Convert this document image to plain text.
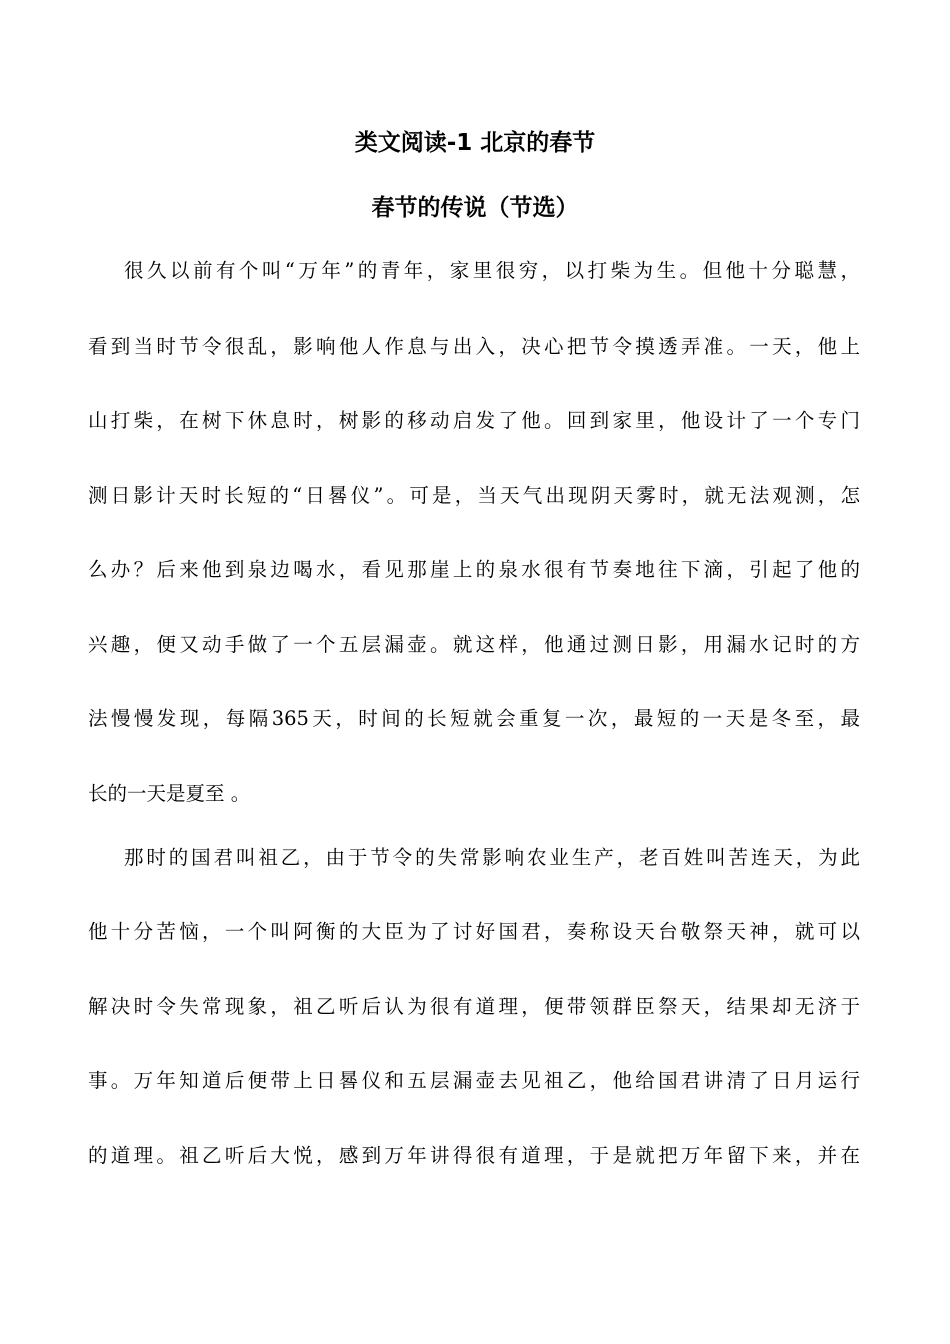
类文阅读-1 北京的春节
春节的传说（节选）

很久以前有个叫“万年”的青年，家里很穷，以打柴为生。但他十分聪慧，

看到当时节令很乱，影响他人作息与出入，决心把节令摸透弄准。一天，他上

山打柴，在树下休息时，树影的移动启发了他。回到家里，他设计了一个专门

测日影计天时长短的“日晷仪”。可是，当天气出现阴天雾时，就无法观测，怎

么办？后来他到泉边喝水，看见那崖上的泉水很有节奏地往下滴，引起了他的

兴趣，便又动手做了一个五层漏壶。就这样，他通过测日影，用漏水记时的方

法慢慢发现，每隔365天，时间的长短就会重复一次，最短的一天是冬至，最

长的一天是夏至 。

那时的国君叫祖乙，由于节令的失常影响农业生产，老百姓叫苦连天，为此

他十分苦恼，一个叫阿衡的大臣为了讨好国君，奏称设天台敬祭天神，就可以

解决时令失常现象，祖乙听后认为很有道理，便带领群臣祭天，结果却无济于

事。万年知道后便带上日晷仪和五层漏壶去见祖乙，他给国君讲清了日月运行

的道理。祖乙听后大悦，感到万年讲得很有道理，于是就把万年留下来，并在
